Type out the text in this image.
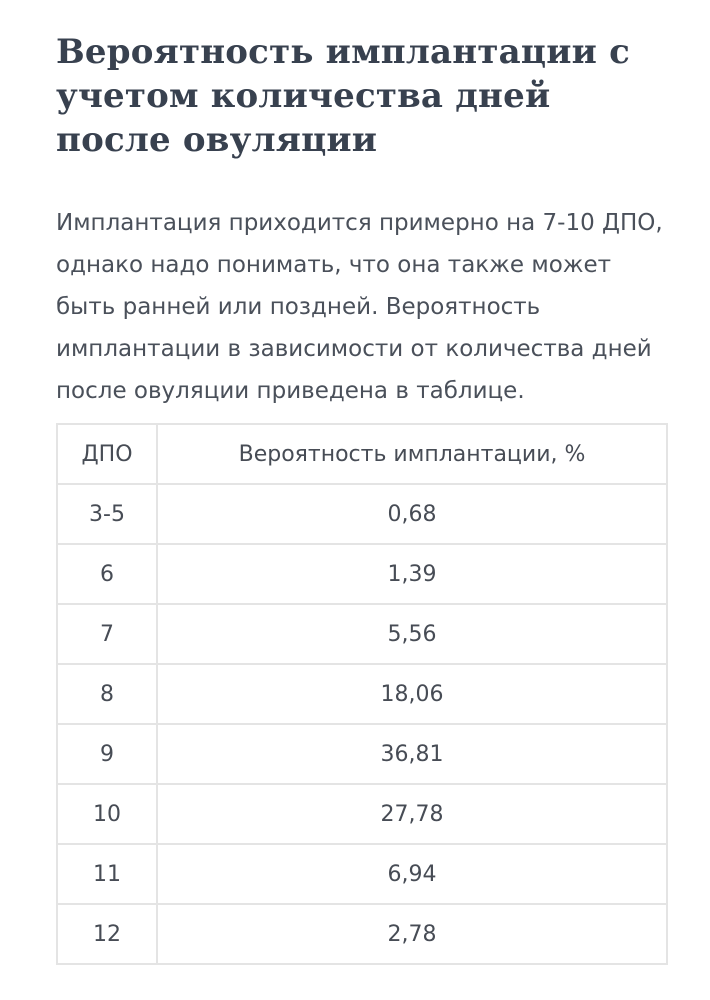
Вероятность имплантации с учетом количества дней после овуляции

Имплантация приходится примерно на 7-10 ДПО, однако надо понимать, что она также может быть ранней или поздней. Вероятность имплантации в зависимости от количества дней после овуляции приведена в таблице.

ДПО	Вероятность имплантации, %
3-5	0,68
6	1,39
7	5,56
8	18,06
9	36,81
10	27,78
11	6,94
12	2,78
